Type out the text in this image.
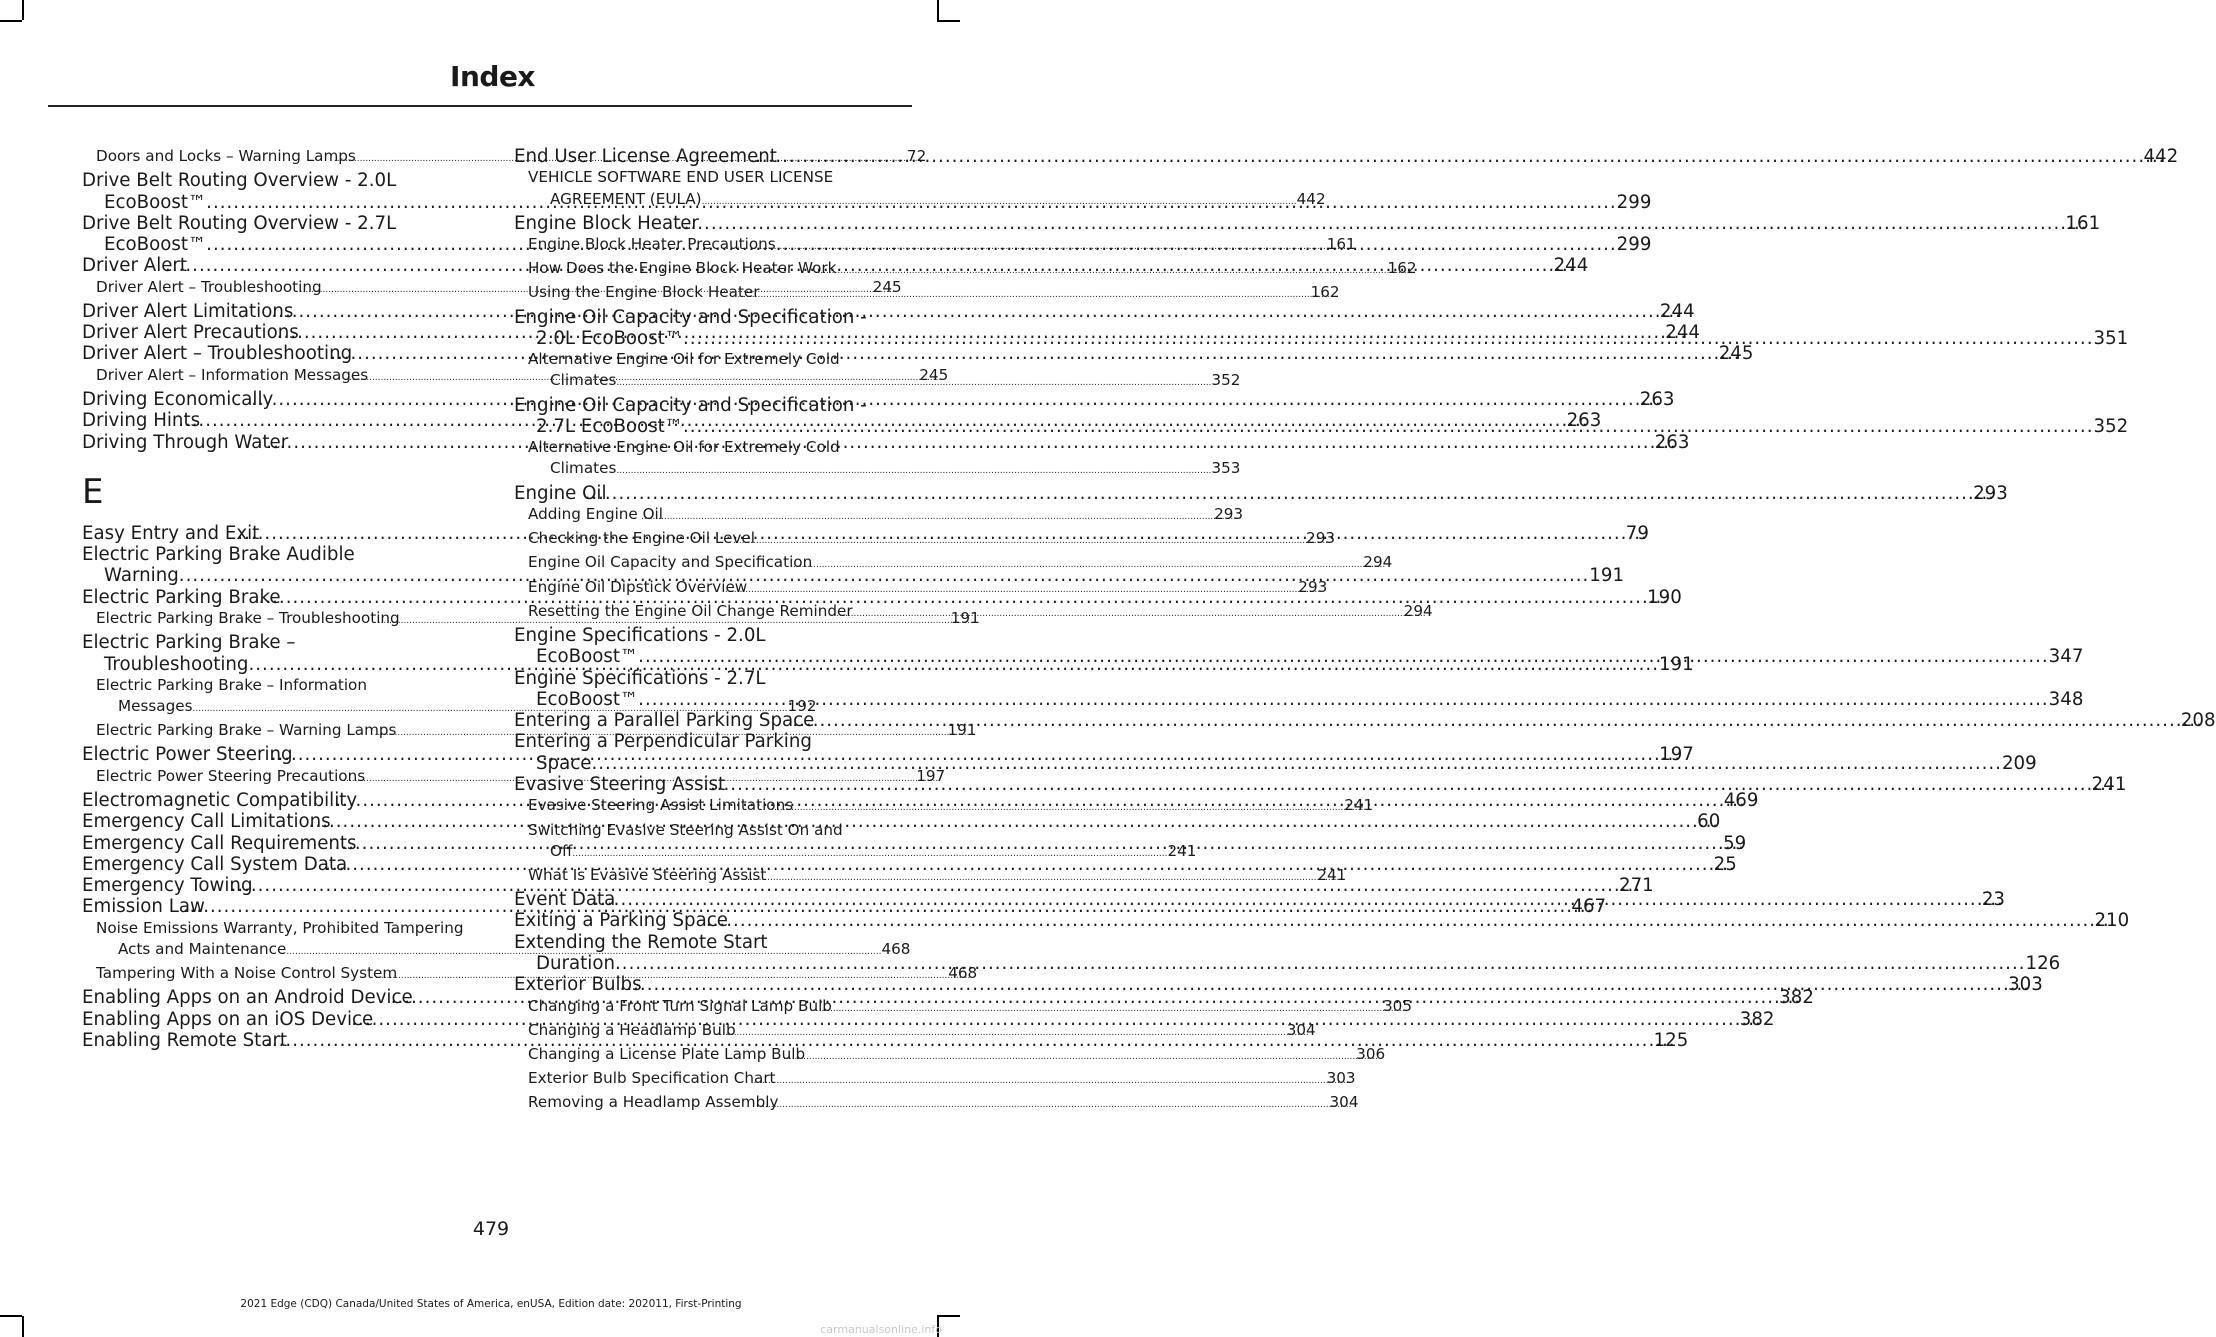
Index
Doors and Locks – Warning Lamps .....	72
Drive Belt Routing Overview - 2.0L
EcoBoost™ .....	299
Drive Belt Routing Overview - 2.7L
EcoBoost™ .....	299
Driver Alert .....	244
Driver Alert – Troubleshooting .....	245
Driver Alert Limitations .....	244
Driver Alert Precautions .....	244
Driver Alert – Troubleshooting .....	245
Driver Alert – Information Messages .....	245
Driving Economically .....	263
Driving Hints .....	263
Driving Through Water .....	263
E
Easy Entry and Exit .....	79
Electric Parking Brake Audible
Warning .....	191
Electric Parking Brake .....	190
Electric Parking Brake – Troubleshooting .....	191
Electric Parking Brake –
Troubleshooting .....	191
Electric Parking Brake – Information
Messages .....	192
Electric Parking Brake – Warning Lamps .....	191
Electric Power Steering .....	197
Electric Power Steering Precautions .....	197
Electromagnetic Compatibility .....	469
Emergency Call Limitations .....	60
Emergency Call Requirements .....	59
Emergency Call System Data .....	25
Emergency Towing .....	271
Emission Law .....	467
Noise Emissions Warranty, Prohibited Tampering
Acts and Maintenance .....	468
Tampering With a Noise Control System .....	468
Enabling Apps on an Android Device .....	382
Enabling Apps on an iOS Device .....	382
Enabling Remote Start .....	125
End User License Agreement .....	442
VEHICLE SOFTWARE END USER LICENSE
AGREEMENT (EULA) .....	442
Engine Block Heater .....	161
Engine Block Heater Precautions .....	161
How Does the Engine Block Heater Work .....	162
Using the Engine Block Heater .....	162
Engine Oil Capacity and Specification -
2.0L EcoBoost™ .....	351
Alternative Engine Oil for Extremely Cold
Climates .....	352
Engine Oil Capacity and Specification -
2.7L EcoBoost™ .....	352
Alternative Engine Oil for Extremely Cold
Climates .....	353
Engine Oil .....	293
Adding Engine Oil .....	293
Checking the Engine Oil Level .....	293
Engine Oil Capacity and Specification .....	294
Engine Oil Dipstick Overview .....	293
Resetting the Engine Oil Change Reminder .....	294
Engine Specifications - 2.0L
EcoBoost™ .....	347
Engine Specifications - 2.7L
EcoBoost™ .....	348
Entering a Parallel Parking Space .....	208
Entering a Perpendicular Parking
Space .....	209
Evasive Steering Assist .....	241
Evasive Steering Assist Limitations .....	241
Switching Evasive Steering Assist On and
Off .....	241
What Is Evasive Steering Assist .....	241
Event Data .....	23
Exiting a Parking Space .....	210
Extending the Remote Start
Duration .....	126
Exterior Bulbs .....	303
Changing a Front Turn Signal Lamp Bulb .....	305
Changing a Headlamp Bulb .....	304
Changing a License Plate Lamp Bulb .....	306
Exterior Bulb Specification Chart .....	303
Removing a Headlamp Assembly .....	304
479
2021 Edge (CDQ) Canada/United States of America, enUSA, Edition date: 202011, First-Printing
carmanualsonline.info
